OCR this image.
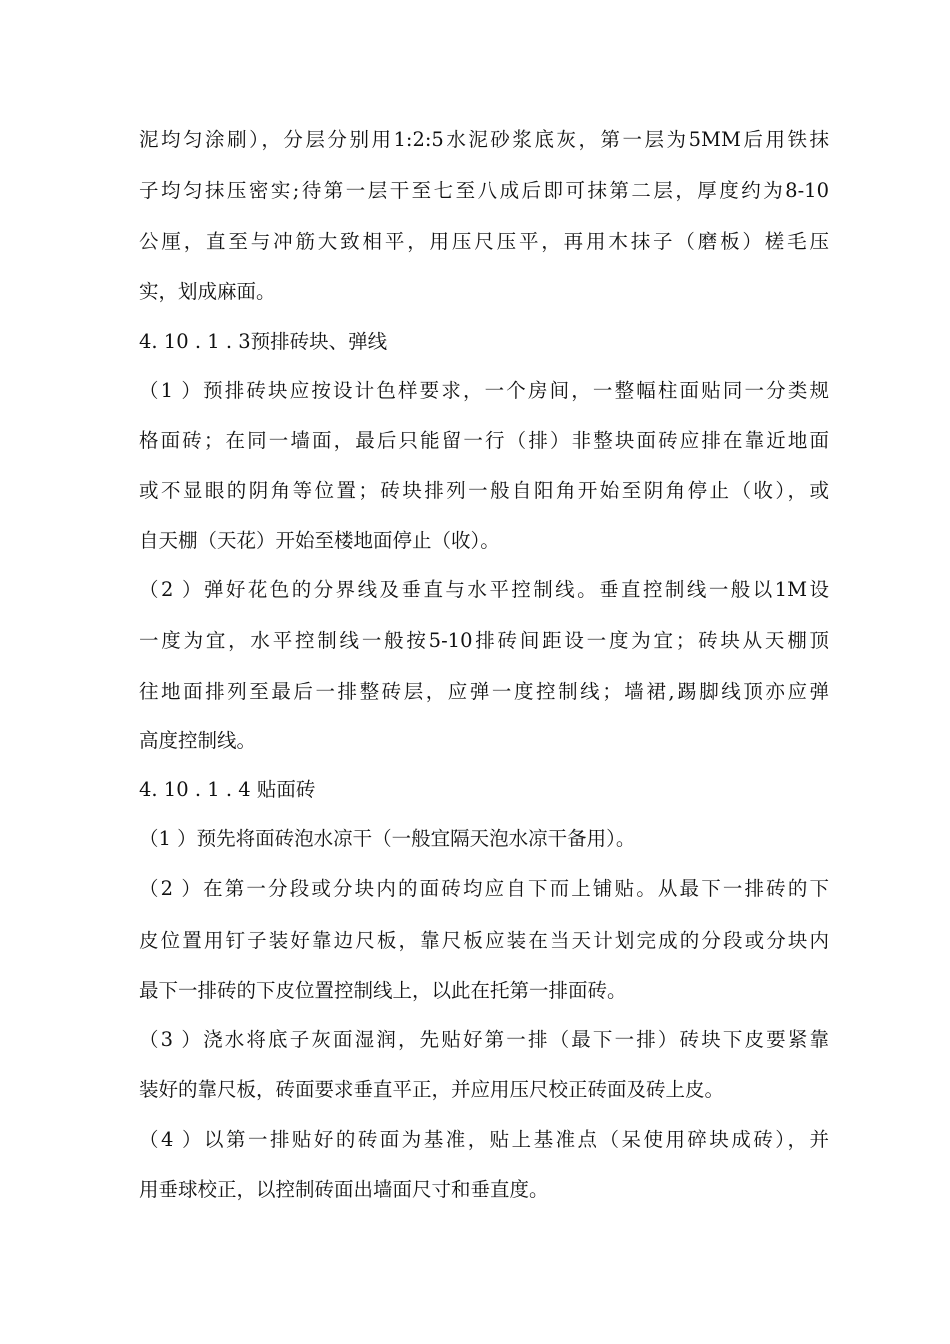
泥均匀涂刷），分层分别用1:2:5水泥砂浆底灰，第一层为5MM后用铁抹
子均匀抹压密实;待第一层干至七至八成后即可抹第二层，厚度约为8-10
公厘，直至与冲筋大致相平，用压尺压平，再用木抹子（磨板）槎毛压
实，划成麻面。
4. 10 . 1 . 3预排砖块、弹线
（1 ）预排砖块应按设计色样要求，一个房间，一整幅柱面贴同一分类规
格面砖；在同一墙面，最后只能留一行（排）非整块面砖应排在靠近地面
或不显眼的阴角等位置；砖块排列一般自阳角开始至阴角停止（收），或
自天棚（天花）开始至楼地面停止（收）。
（2 ）弹好花色的分界线及垂直与水平控制线。垂直控制线一般以1M设
一度为宜，水平控制线一般按5-10排砖间距设一度为宜；砖块从天棚顶
往地面排列至最后一排整砖层，应弹一度控制线；墙裙,踢脚线顶亦应弹
高度控制线。
4. 10 . 1 . 4 贴面砖
（1 ）预先将面砖泡水凉干（一般宜隔天泡水凉干备用）。
（2 ）在第一分段或分块内的面砖均应自下而上铺贴。从最下一排砖的下
皮位置用钉子装好靠边尺板，靠尺板应装在当天计划完成的分段或分块内
最下一排砖的下皮位置控制线上，以此在托第一排面砖。
（3 ）浇水将底子灰面湿润，先贴好第一排（最下一排）砖块下皮要紧靠
装好的靠尺板，砖面要求垂直平正，并应用压尺校正砖面及砖上皮。
（4 ）以第一排贴好的砖面为基准，贴上基准点（呆使用碎块成砖），并
用垂球校正，以控制砖面出墙面尺寸和垂直度。
